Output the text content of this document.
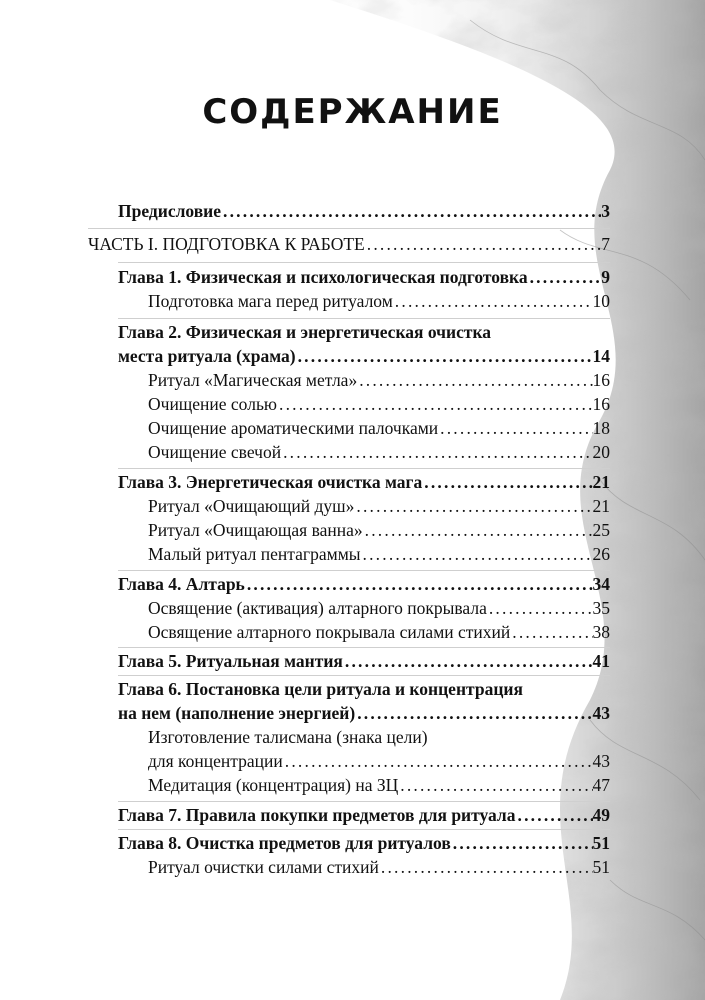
СОДЕРЖАНИЕ
Предисловие .....	3
ЧАСТЬ I. ПОДГОТОВКА К РАБОТЕ .....	7
Глава 1. Физическая и психологическая подготовка .....	9
Подготовка мага перед ритуалом .....	10
Глава 2. Физическая и энергетическая очистка
места ритуала (храма) .....	14
Ритуал «Магическая метла» .....	16
Очищение солью .....	16
Очищение ароматическими палочками .....	18
Очищение свечой .....	20
Глава 3. Энергетическая очистка мага .....	21
Ритуал «Очищающий душ» .....	21
Ритуал «Очищающая ванна» .....	25
Малый ритуал пентаграммы .....	26
Глава 4. Алтарь .....	34
Освящение (активация) алтарного покрывала .....	35
Освящение алтарного покрывала силами стихий .....	38
Глава 5. Ритуальная мантия .....	41
Глава 6. Постановка цели ритуала и концентрация
на нем (наполнение энергией) .....	43
Изготовление талисмана (знака цели)
для концентрации .....	43
Медитация (концентрация) на ЗЦ .....	47
Глава 7. Правила покупки предметов для ритуала .....	49
Глава 8. Очистка предметов для ритуалов .....	51
Ритуал очистки силами стихий .....	51
